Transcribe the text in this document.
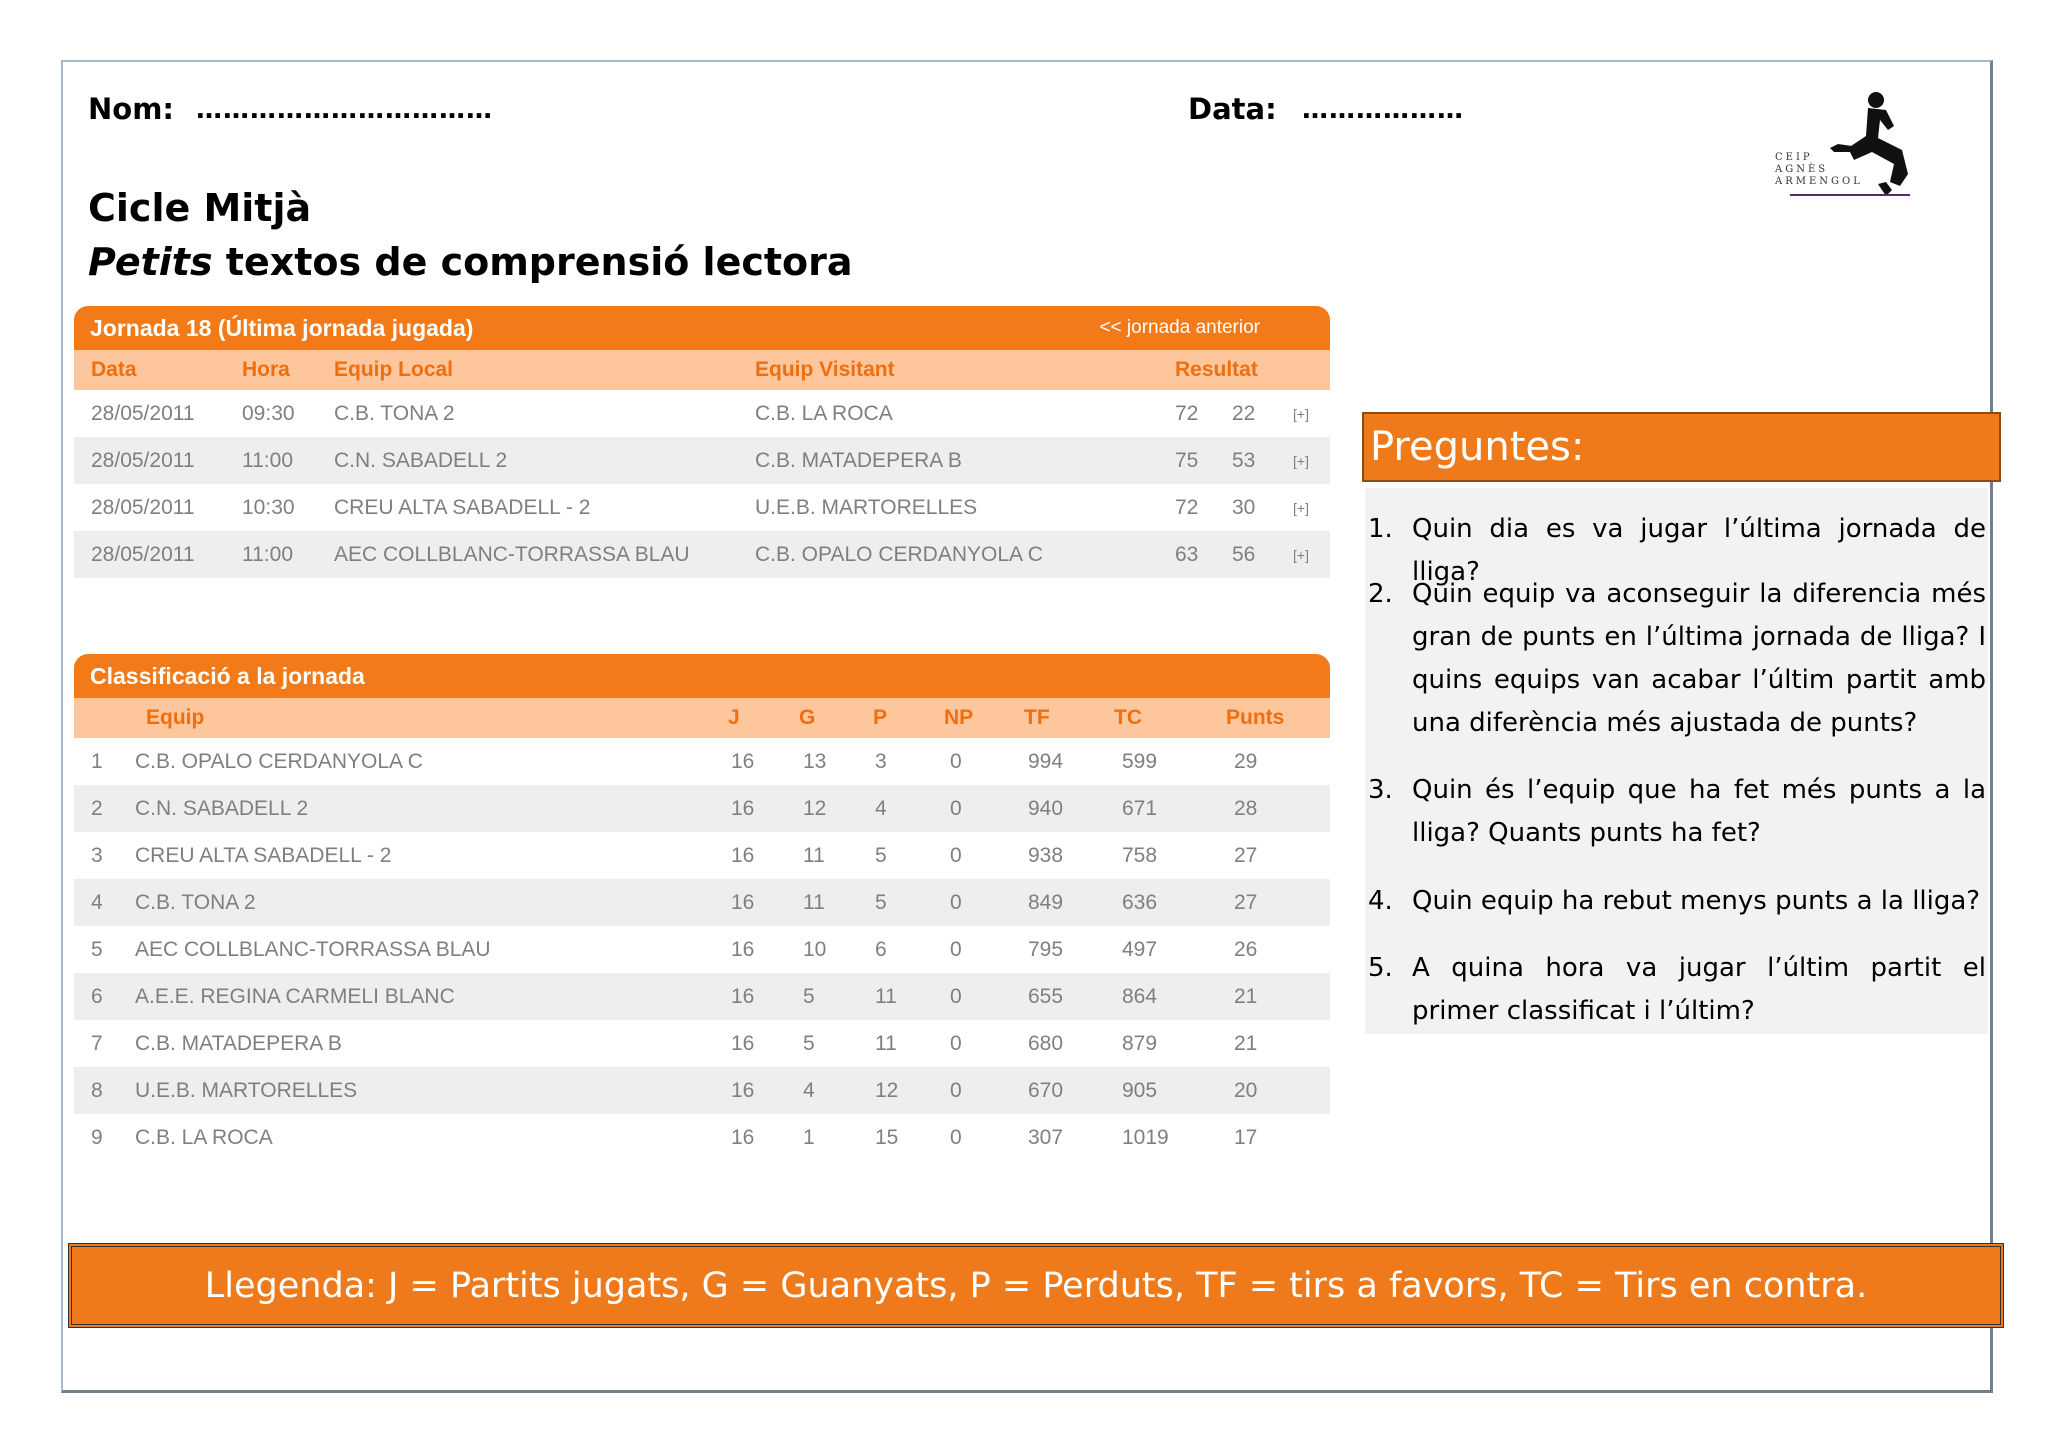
Nom: ……………………………	Data: ………………
Cicle Mitjà
Petits textos de comprensió lectora
CEIP
AGNÈS
ARMENGOL
Jornada 18 (Última jornada jugada)	<< jornada anterior
Data	Hora Equip Local	Equip Visitant	Resultat
28/05/2011 09:30 C.B. TONA 2	C.B. LA ROCA	72 22	[+]
28/05/2011 11:00 C.N. SABADELL 2	C.B. MATADEPERA B	75 53	[+]
28/05/2011 10:30 CREU ALTA SABADELL - 2	U.E.B. MARTORELLES	72 30	[+]
28/05/2011 11:00 AEC COLLBLANC-TORRASSA BLAU	C.B. OPALO CERDANYOLA C	63 56	[+]
Classificació a la jornada
Equip	J	G	P	NP TF	TC	Punts
1 C.B. OPALO CERDANYOLA C	16 13 3	0	994	599	29
2 C.N. SABADELL 2	16 12 4	0	940	671	28
3 CREU ALTA SABADELL - 2	16 11 5	0	938	758	27
4 C.B. TONA 2	16 11 5	0	849	636	27
5 AEC COLLBLANC-TORRASSA BLAU	16 10 6	0	795	497	26
6 A.E.E. REGINA CARMELI BLANC	16 5	11	0	655	864	21
7 C.B. MATADEPERA B	16 5	11	0	680	879	21
8 U.E.B. MARTORELLES	16 4	12 0	670	905	20
9 C.B. LA ROCA	16 1	15 0	307	1019	17
Preguntes:
1. Quin dia es va jugar l’última jornada de lliga?
2. Quin equip va aconseguir la diferencia més gran de punts en l’última jornada de lliga? I quins equips van acabar l’últim partit amb una diferència més ajustada de punts?
3. Quin és l’equip que ha fet més punts a la lliga? Quants punts ha fet?
4. Quin equip ha rebut menys punts a la lliga?
5. A quina hora va jugar l’últim partit el primer classificat i l’últim?
Llegenda: J = Partits jugats, G = Guanyats, P = Perduts, TF = tirs a favors, TC = Tirs en contra.
